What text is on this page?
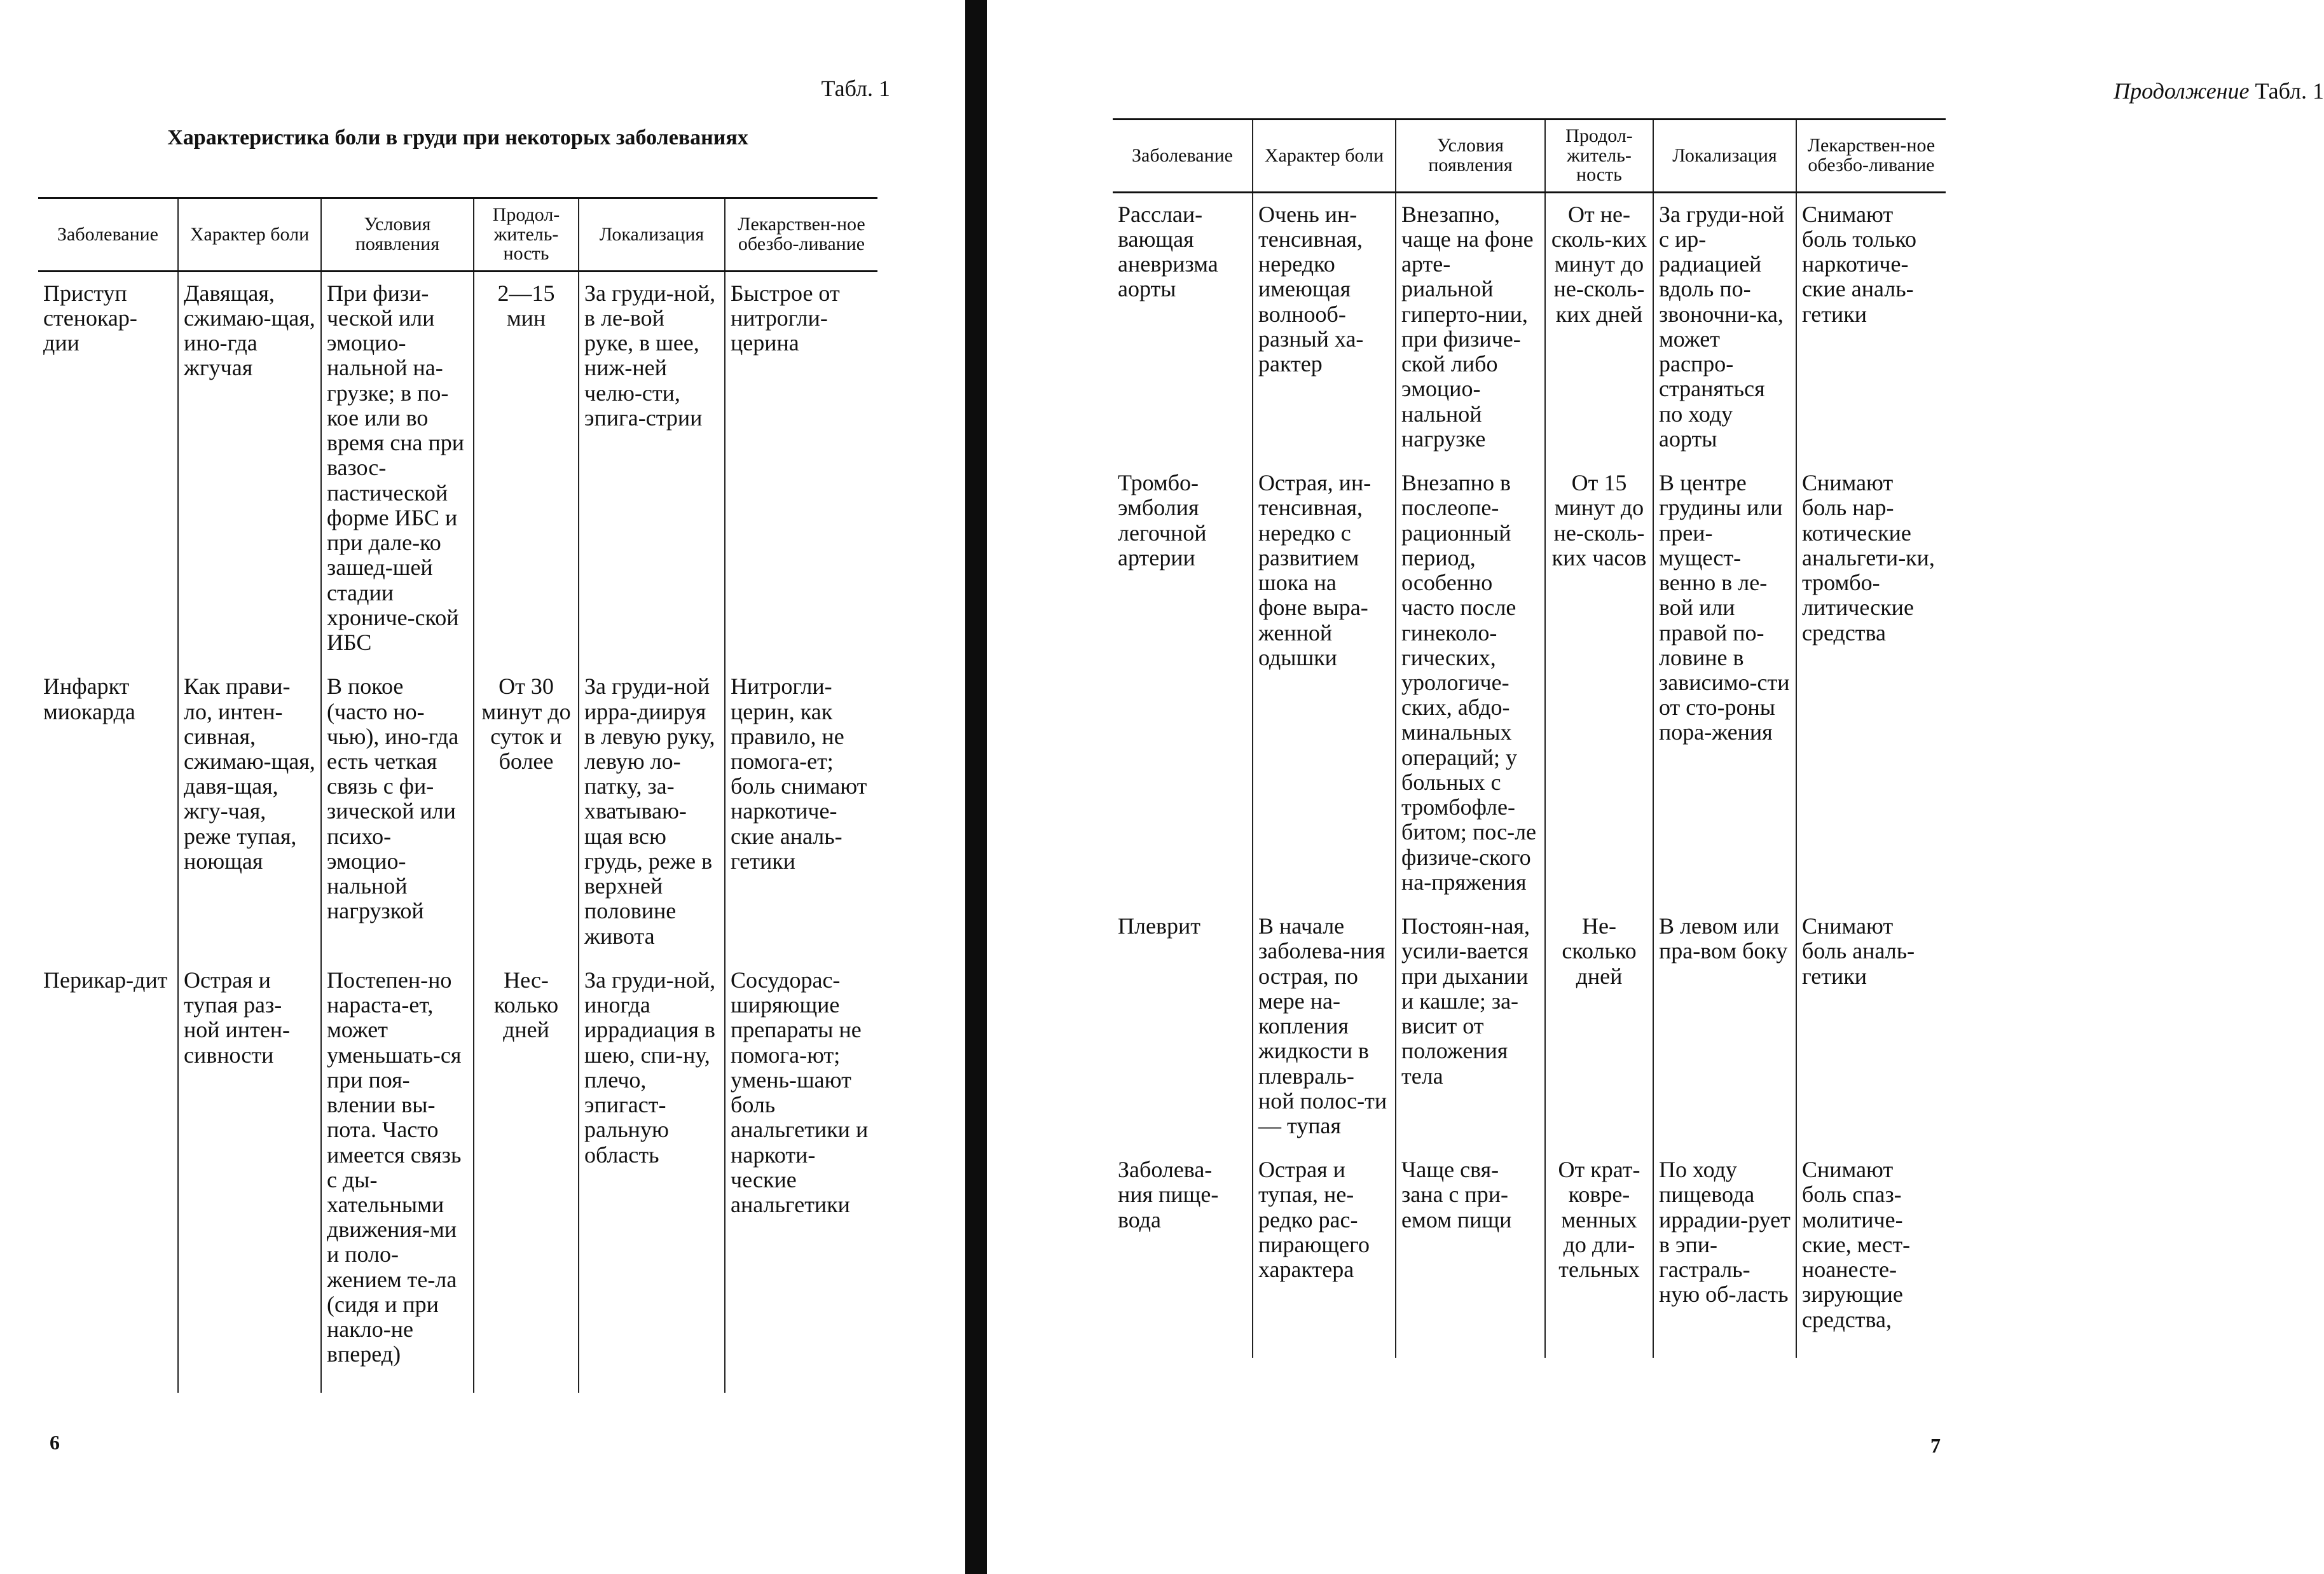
Табл. 1
Характеристика боли в груди при некоторых заболеваниях
Заболевание	Характер боли	Условия появления	Продол-житель-ность	Локализация	Лекарствен-ное обезбо-ливание
Приступ стенокар-дии	Давящая, сжимаю-щая, ино-гда жгучая	При физи-ческой или эмоцио-нальной на-грузке; в по-кое или во время сна при вазос-пастической форме ИБС и при дале-ко зашед-шей стадии хрониче-ской ИБС	2—15 мин	За груди-ной, в ле-вой руке, в шее, ниж-ней челю-сти, эпига-стрии	Быстрое от нитрогли-церина
Инфаркт миокарда	Как прави-ло, интен-сивная, сжимаю-щая, давя-щая, жгу-чая, реже тупая, ноющая	В покое (часто но-чью), ино-гда есть четкая связь с фи-зической или психо-эмоцио-нальной нагрузкой	От 30 минут до суток и более	За груди-ной ирра-диируя в левую руку, левую ло-патку, за-хватываю-щая всю грудь, реже в верхней половине живота	Нитрогли-церин, как правило, не помога-ет; боль снимают наркотиче-ские аналь-гетики
Перикар-дит	Острая и тупая раз-ной интен-сивности	Постепен-но нараста-ет, может уменьшать-ся при поя-влении вы-пота. Часто имеется связь с ды-хательными движения-ми и поло-жением те-ла (сидя и при накло-не вперед)	Нес-колько дней	За груди-ной, иногда иррадиация в шею, спи-ну, плечо, эпигаст-ральную область	Сосудорас-ширяющие препараты не помога-ют; умень-шают боль анальгетики и наркоти-ческие анальгетики
6
Продолжение Табл. 1
Заболевание	Характер боли	Условия появления	Продол-житель-ность	Локализация	Лекарствен-ное обезбо-ливание
Расслаи-вающая аневризма аорты	Очень ин-тенсивная, нередко имеющая волнооб-разный ха-рактер	Внезапно, чаще на фоне арте-риальной гиперто-нии, при физиче-ской либо эмоцио-нальной нагрузке	От не-сколь-ких минут до не-сколь-ких дней	За груди-ной с ир-радиацией вдоль по-звоночни-ка, может распро-страняться по ходу аорты	Снимают боль только наркотиче-ские аналь-гетики
Тромбо-эмболия легочной артерии	Острая, ин-тенсивная, нередко с развитием шока на фоне выра-женной одышки	Внезапно в послеопе-рационный период, особенно часто после гинеколо-гических, урологиче-ских, абдо-минальных операций; у больных с тромбофле-битом; пос-ле физиче-ского на-пряжения	От 15 минут до не-сколь-ких часов	В центре грудины или преи-мущест-венно в ле-вой или правой по-ловине в зависимо-сти от сто-роны пора-жения	Снимают боль нар-котические анальгети-ки, тромбо-литические средства
Плеврит	В начале заболева-ния острая, по мере на-копления жидкости в плевраль-ной полос-ти — тупая	Постоян-ная, усили-вается при дыхании и кашле; за-висит от положения тела	Не-сколько дней	В левом или пра-вом боку	Снимают боль аналь-гетики
Заболева-ния пище-вода	Острая и тупая, не-редко рас-пирающего характера	Чаще свя-зана с при-емом пищи	От крат-ковре-менных до дли-тельных	По ходу пищевода иррадии-рует в эпи-гастраль-ную об-ласть	Снимают боль спаз-молитиче-ские, мест-ноанесте-зирующие средства,
7
